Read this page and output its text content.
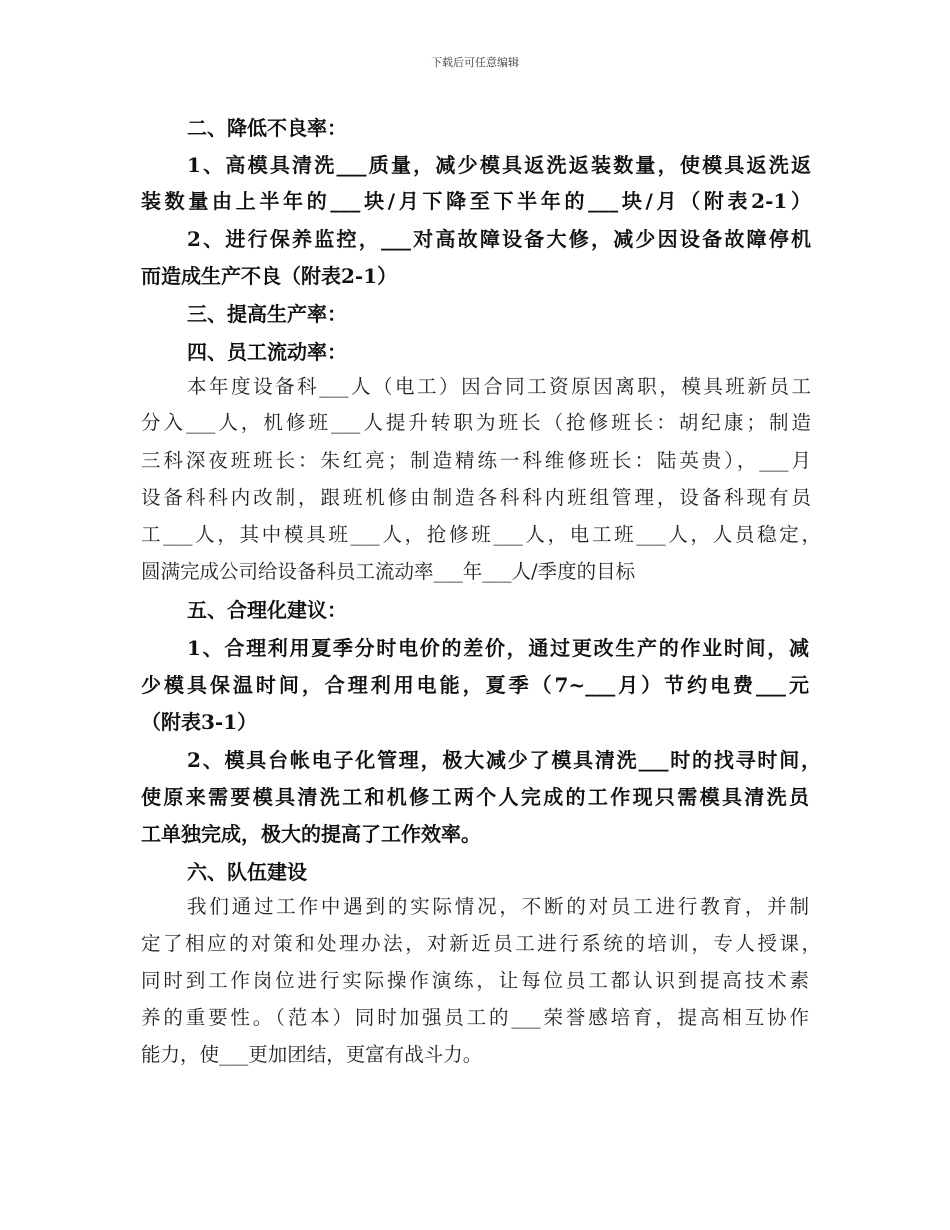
下载后可任意编辑
二、降低不良率：
1、高模具清洗___质量，减少模具返洗返装数量，使模具返洗返
装数量由上半年的___块/月下降至下半年的___块/月（附表2-1）
2、进行保养监控，___对高故障设备大修，减少因设备故障停机
而造成生产不良（附表2-1）
三、提高生产率：
四、员工流动率：
本年度设备科___人（电工）因合同工资原因离职，模具班新员工
分入___人，机修班___人提升转职为班长（抢修班长：胡纪康；制造
三科深夜班班长：朱红亮；制造精练一科维修班长：陆英贵），___月
设备科科内改制，跟班机修由制造各科科内班组管理，设备科现有员
工___人，其中模具班___人，抢修班___人，电工班___人，人员稳定，
圆满完成公司给设备科员工流动率___年___人/季度的目标
五、合理化建议：
1、合理利用夏季分时电价的差价，通过更改生产的作业时间，减
少模具保温时间，合理利用电能，夏季（7~___月）节约电费___元
（附表3-1）
2、模具台帐电子化管理，极大减少了模具清洗___时的找寻时间，
使原来需要模具清洗工和机修工两个人完成的工作现只需模具清洗员
工单独完成，极大的提高了工作效率。
六、队伍建设
我们通过工作中遇到的实际情况，不断的对员工进行教育，并制
定了相应的对策和处理办法，对新近员工进行系统的培训，专人授课，
同时到工作岗位进行实际操作演练，让每位员工都认识到提高技术素
养的重要性。（范本）同时加强员工的___荣誉感培育，提高相互协作
能力，使___更加团结，更富有战斗力。
